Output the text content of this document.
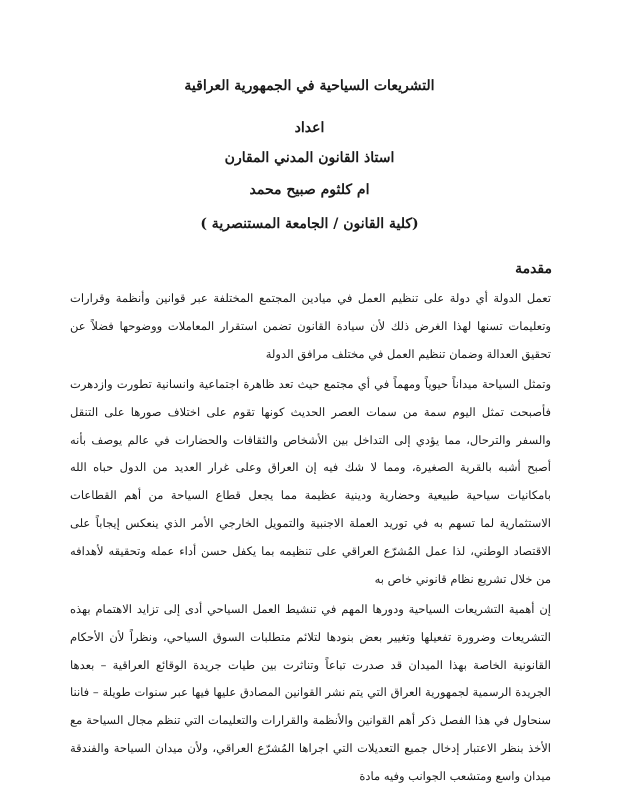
التشريعات السياحية في الجمهورية العراقية
اعداد
استاذ القانون المدني المقارن
ام كلثوم صبيح محمد
(كلية القانون / الجامعة المستنصرية )
مقدمة

تعمل الدولة أي دولة على تنظيم العمل في ميادين المجتمع المختلفة عبر قوانين وأنظمة وقرارات وتعليمات تسنها لهذا الغرض ذلك لأن سيادة القانون تضمن استقرار المعاملات ووضوحها فضلاً عن تحقيق العدالة وضمان تنظيم العمل في مختلف مرافق الدولة

وتمثل السياحة ميداناً حيوياً ومهماً في أي مجتمع حيث تعد ظاهرة اجتماعية وانسانية تطورت وازدهرت فأصبحت تمثل اليوم سمة من سمات العصر الحديث كونها تقوم على اختلاف صورها على التنقل والسفر والترحال، مما يؤدي إلى التداخل بين الأشخاص والثقافات والحضارات في عالم يوصف بأنه أصبح أشبه بالقرية الصغيرة، ومما لا شك فيه إن العراق وعلى غرار العديد من الدول حباه الله بامكانيات سياحية طبيعية وحضارية ودينية عظيمة مما يجعل قطاع السياحة من أهم القطاعات الاستثمارية لما تسهم به في توريد العملة الاجنبية والتمويل الخارجي الأمر الذي ينعكس إيجاباً على الاقتصاد الوطني، لذا عمل المُشرّع العراقي على تنظيمه بما يكفل حسن أداء عمله وتحقيقه لأهدافه من خلال تشريع نظام قانوني خاص به

إن أهمية التشريعات السياحية ودورها المهم في تنشيط العمل السياحي أدى إلى تزايد الاهتمام بهذه التشريعات وضرورة تفعيلها وتغيير بعض بنودها لتلائم متطلبات السوق السياحي، ونظراً لأن الأحكام القانونية الخاصة بهذا الميدان قد صدرت تباعاً وتناثرت بين طيات جريدة الوقائع العراقية – بعدها الجريدة الرسمية لجمهورية العراق التي يتم نشر القوانين المصادق عليها فيها عبر سنوات طويلة – فاننا سنحاول في هذا الفصل ذكر أهم القوانين والأنظمة والقرارات والتعليمات التي تنظم مجال السياحة مع الأخذ بنظر الاعتبار إدخال جميع التعديلات التي اجراها المُشرّع العراقي، ولأن ميدان السياحة والفندقة ميدان واسع ومتشعب الجوانب وفيه مادة
